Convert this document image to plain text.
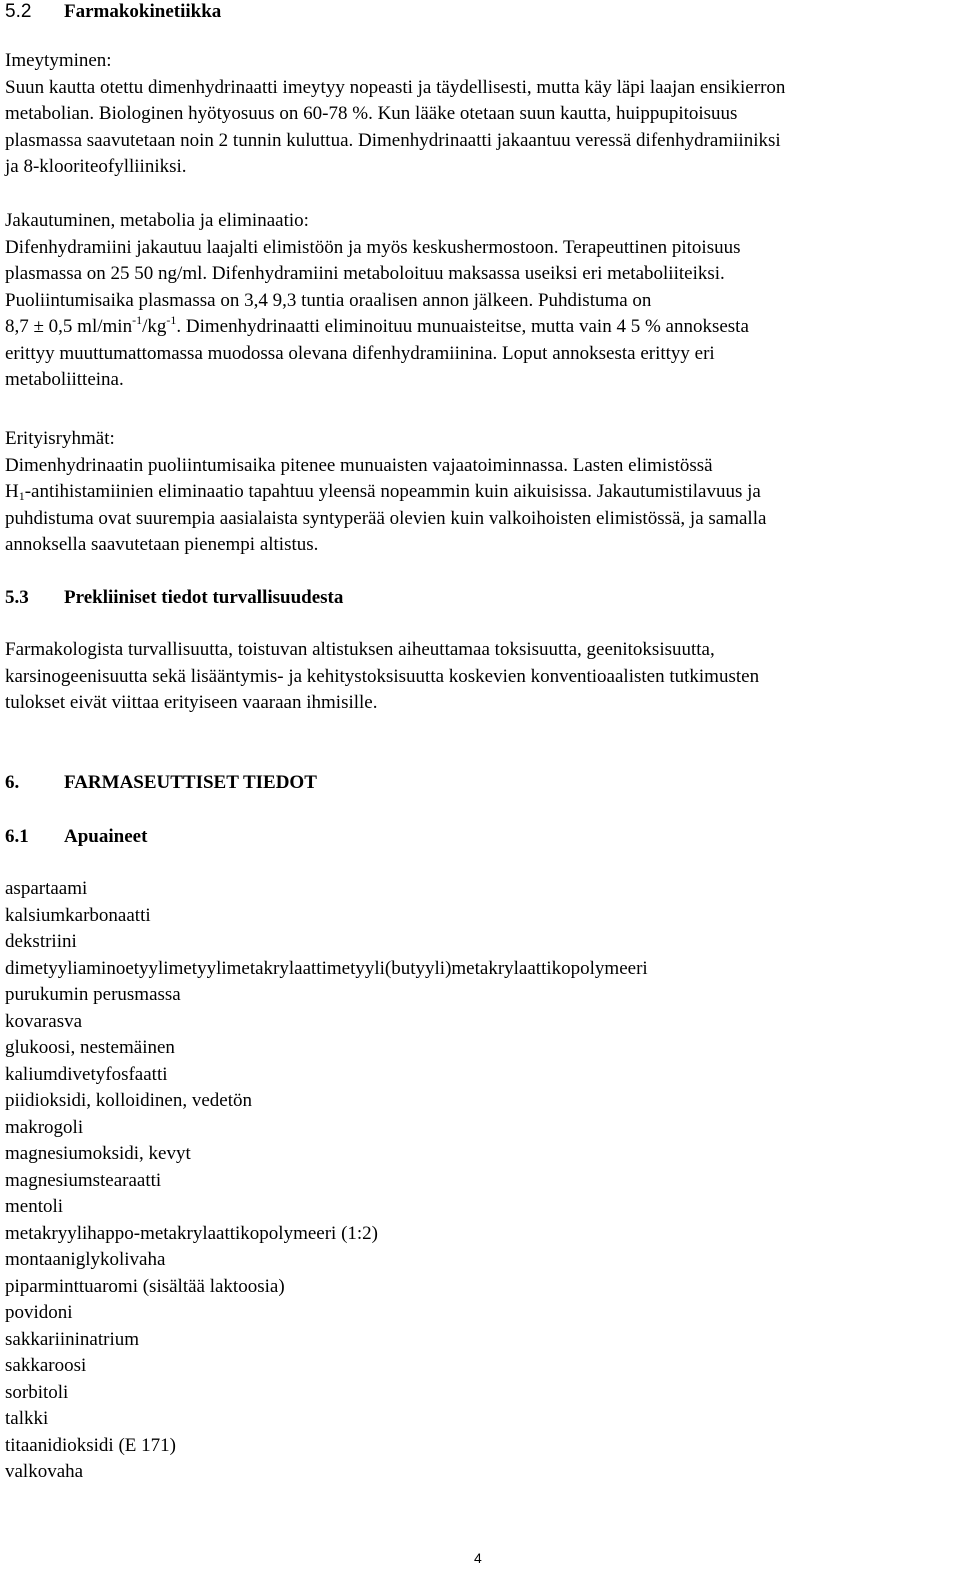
5.2	Farmakokinetiikka
Imeytyminen:
Suun kautta otettu dimenhydrinaatti imeytyy nopeasti ja täydellisesti, mutta käy läpi laajan ensikierron
metabolian. Biologinen hyötyosuus on 60-78 %. Kun lääke otetaan suun kautta, huippupitoisuus
plasmassa saavutetaan noin 2 tunnin kuluttua. Dimenhydrinaatti jakaantuu veressä difenhydramiiniksi
ja 8-klooriteofylliiniksi.
Jakautuminen, metabolia ja eliminaatio:
Difenhydramiini jakautuu laajalti elimistöön ja myös keskushermostoon. Terapeuttinen pitoisuus
plasmassa on 25 50 ng/ml. Difenhydramiini metaboloituu maksassa useiksi eri metaboliiteiksi.
Puoliintumisaika plasmassa on 3,4 9,3 tuntia oraalisen annon jälkeen. Puhdistuma on
8,7 ± 0,5 $ml/\min^{-1}/kg^{-1}$. Dimenhydrinaatti eliminoituu munuaisteitse, mutta vain 4 5 % annoksesta
erittyy muuttumattomassa muodossa olevana difenhydramiinina. Loput annoksesta erittyy eri
metaboliitteina.
Erityisryhmät:
Dimenhydrinaatin puoliintumisaika pitenee munuaisten vajaatoiminnassa. Lasten elimistössä
$H_1$-antihistamiinien eliminaatio tapahtuu yleensä nopeammin kuin aikuisissa. Jakautumistilavuus ja
puhdistuma ovat suurempia aasialaista syntyperää olevien kuin valkoihoisten elimistössä, ja samalla
annoksella saavutetaan pienempi altistus.
5.3	Prekliiniset tiedot turvallisuudesta
Farmakologista turvallisuutta, toistuvan altistuksen aiheuttamaa toksisuutta, geenitoksisuutta,
karsinogeenisuutta sekä lisääntymis- ja kehitystoksisuutta koskevien konventioaalisten tutkimusten
tulokset eivät viittaa erityiseen vaaraan ihmisille.
6.	FARMASEUTTISET TIEDOT
6.1	Apuaineet
aspartaami
kalsiumkarbonaatti
dekstriini
dimetyyliaminoetyylimetyylimetakrylaattimetyyli(butyyli)metakrylaattikopolymeeri
purukumin perusmassa
kovarasva
glukoosi, nestemäinen
kaliumdivetyfosfaatti
piidioksidi, kolloidinen, vedetön
makrogoli
magnesiumoksidi, kevyt
magnesiumstearaatti
mentoli
metakryylihappo-metakrylaattikopolymeeri (1:2)
montaaniglykolivaha
piparminttuaromi (sisältää laktoosia)
povidoni
sakkariininatrium
sakkaroosi
sorbitoli
talkki
titaanidioksidi (E 171)
valkovaha
4
